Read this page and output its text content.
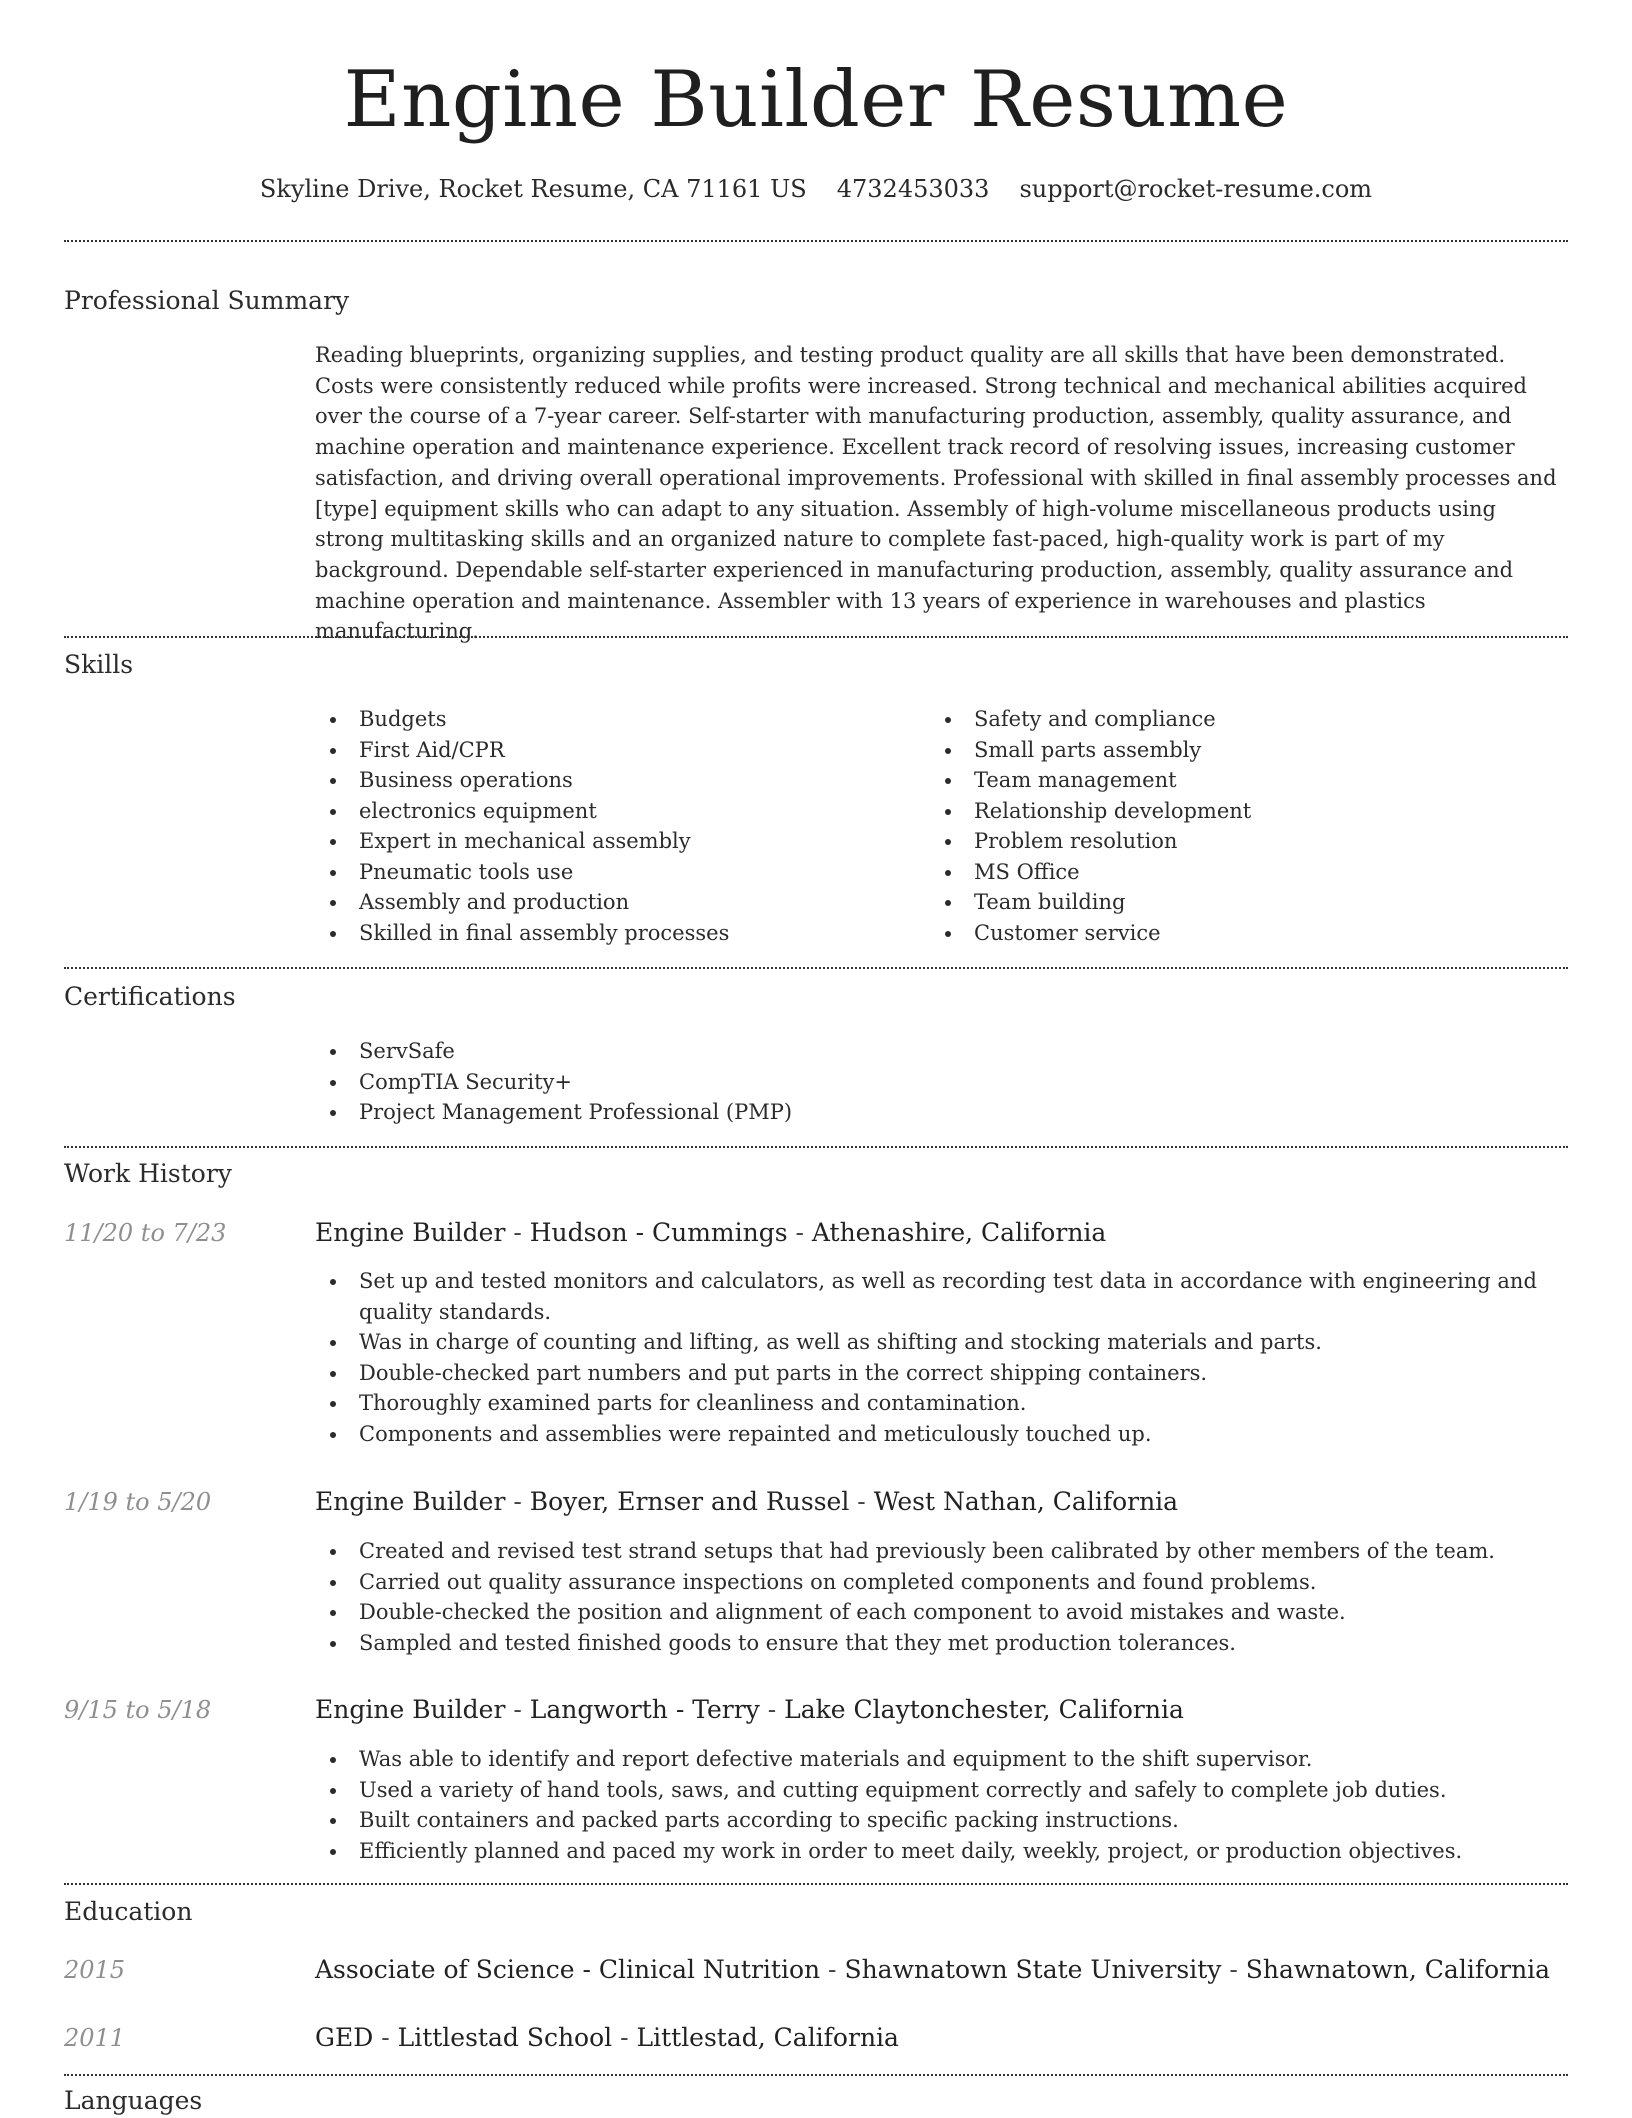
Engine Builder Resume
Skyline Drive, Rocket Resume, CA 71161 US 4732453033 support@rocket-resume.com
Professional Summary
Reading blueprints, organizing supplies, and testing product quality are all skills that have been demonstrated. Costs were consistently reduced while profits were increased. Strong technical and mechanical abilities acquired over the course of a 7-year career. Self-starter with manufacturing production, assembly, quality assurance, and machine operation and maintenance experience. Excellent track record of resolving issues, increasing customer satisfaction, and driving overall operational improvements. Professional with skilled in final assembly processes and [type] equipment skills who can adapt to any situation. Assembly of high-volume miscellaneous products using strong multitasking skills and an organized nature to complete fast-paced, high-quality work is part of my background. Dependable self-starter experienced in manufacturing production, assembly, quality assurance and machine operation and maintenance. Assembler with 13 years of experience in warehouses and plastics manufacturing.
Skills
Budgets
First Aid/CPR
Business operations
electronics equipment
Expert in mechanical assembly
Pneumatic tools use
Assembly and production
Skilled in final assembly processes
Safety and compliance
Small parts assembly
Team management
Relationship development
Problem resolution
MS Office
Team building
Customer service
Certifications
ServSafe
CompTIA Security+
Project Management Professional (PMP)
Work History
11/20 to 7/23	Engine Builder - Hudson - Cummings - Athenashire, California
Set up and tested monitors and calculators, as well as recording test data in accordance with engineering and quality standards.
Was in charge of counting and lifting, as well as shifting and stocking materials and parts.
Double-checked part numbers and put parts in the correct shipping containers.
Thoroughly examined parts for cleanliness and contamination.
Components and assemblies were repainted and meticulously touched up.
1/19 to 5/20	Engine Builder - Boyer, Ernser and Russel - West Nathan, California
Created and revised test strand setups that had previously been calibrated by other members of the team.
Carried out quality assurance inspections on completed components and found problems.
Double-checked the position and alignment of each component to avoid mistakes and waste.
Sampled and tested finished goods to ensure that they met production tolerances.
9/15 to 5/18	Engine Builder - Langworth - Terry - Lake Claytonchester, California
Was able to identify and report defective materials and equipment to the shift supervisor.
Used a variety of hand tools, saws, and cutting equipment correctly and safely to complete job duties.
Built containers and packed parts according to specific packing instructions.
Efficiently planned and paced my work in order to meet daily, weekly, project, or production objectives.
Education
2015	Associate of Science - Clinical Nutrition - Shawnatown State University - Shawnatown, California
2011	GED - Littlestad School - Littlestad, California
Languages
